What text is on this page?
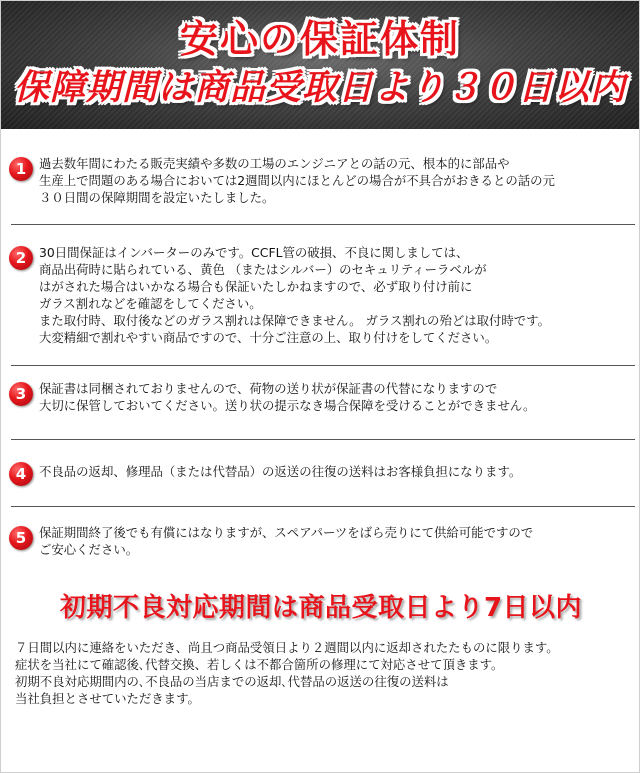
安心の保証体制
保障期間は商品受取日より３０日以内
1	過去数年間にわたる販売実績や多数の工場のエンジニアとの話の元、根本的に部品や
生産上で問題のある場合においては2週間以内にほとんどの場合が不具合がおきるとの話の元
３０日間の保障期間を設定いたしました。
2	30日間保証はインバーターのみです。CCFL管の破損、不良に関しましては、
商品出荷時に貼られている、黄色 （またはシルバー）のセキュリティーラベルが
はがされた場合はいかなる場合も保証いたしかねますので、必ず取り付け前に
ガラス割れなどを確認をしてください。
また取付時、取付後などのガラス割れは保障できません。 ガラス割れの殆どは取付時です。
大変精細で割れやすい商品ですので、十分ご注意の上、取り付けをしてください。
3	保証書は同梱されておりませんので、荷物の送り状が保証書の代替になりますので
大切に保管しておいてください。送り状の提示なき場合保障を受けることができません。
4	不良品の返却、修理品（または代替品）の返送の往復の送料はお客様負担になります。
5	保証期間終了後でも有償にはなりますが、スペアパーツをばら売りにて供給可能ですので
ご安心ください。
初期不良対応期間は商品受取日より7日以内
７日間以内に連絡をいただき、尚且つ商品受領日より２週間以内に返却されたたものに限ります。
症状を当社にて確認後､代替交換、若しくは不都合箇所の修理にて対応させて頂きます。
初期不良対応期間内の､不良品の当店までの返却､代替品の返送の往復の送料は
当社負担とさせていただきます。
